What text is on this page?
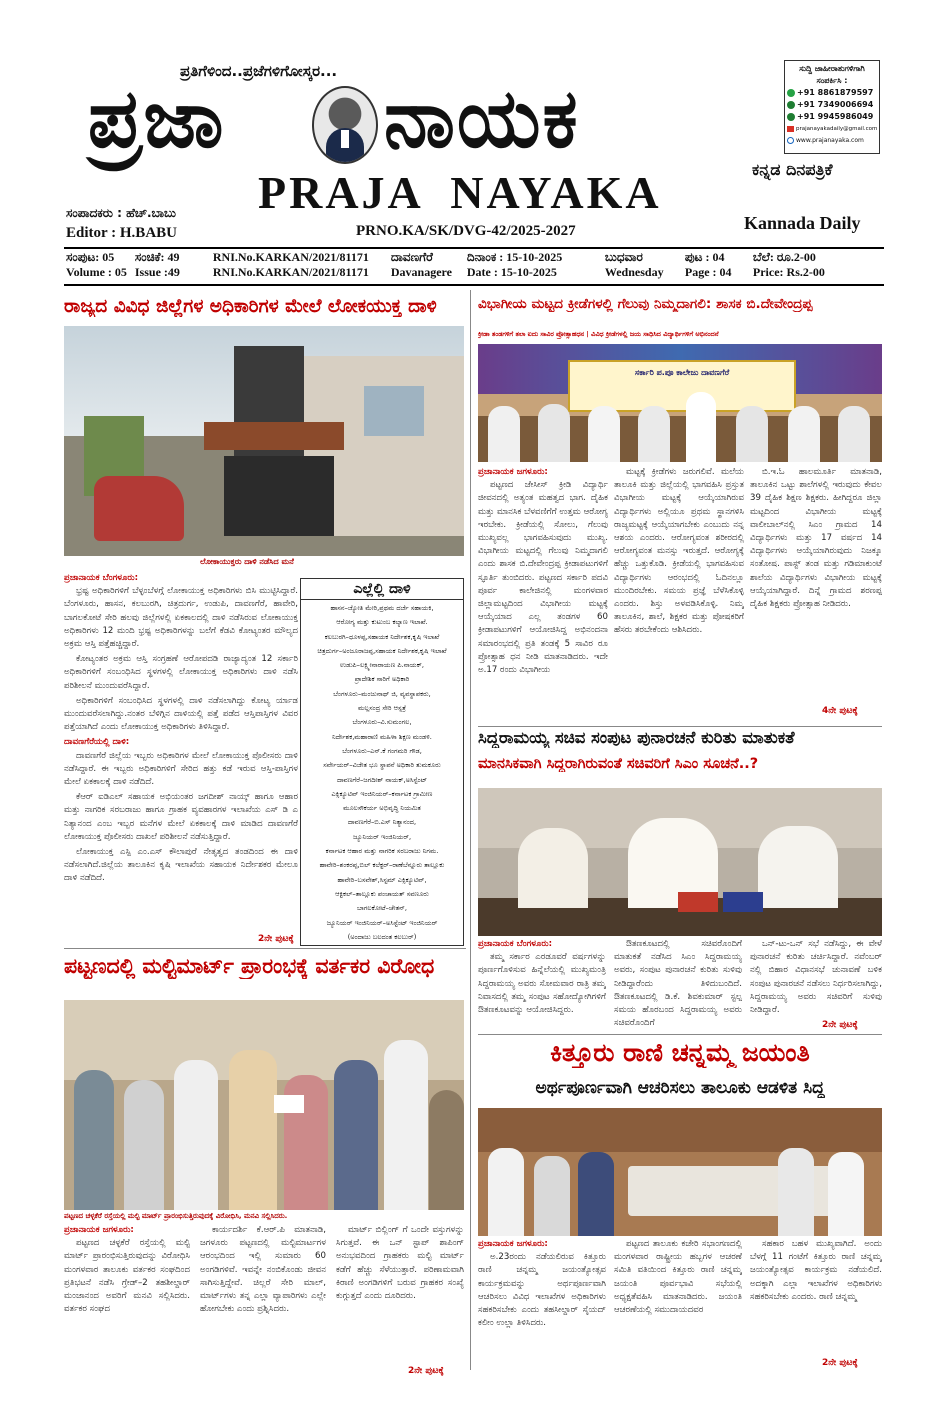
ಪ್ರತಿಗೆಳಿಂದ..ಪ್ರಜೆಗಳಿಗೋಸ್ಕರ...
ಪ್ರಜಾ ನಾಯಕ
PRAJA  NAYAKA	ಕನ್ನಡ ದಿನಪತ್ರಿಕೆ
Kannada Daily
ಸಂಪಾದಕರು : ಹೆಚ್.ಬಾಬು
Editor : H.BABU	PRNO.KA/SK/DVG-42/2025-2027
ಸುದ್ದಿ ಜಾಹೀರಾತುಗಳಿಗಾಗಿ
ಸಂಪರ್ಕಿಸಿ :
+91 8861879597
+91 7349006694
+91 9945986049
prajanayakadaily@gmail.com
www.prajanayaka.com
ಸಂಪುಟ: 05	ಸಂಚಿಕೆ: 49	RNI.No.KARKAN/2021/81171	ದಾವಣಗೆರೆ	ದಿನಾಂಕ : 15-10-2025	ಬುಧವಾರ	ಪುಟ : 04	ಬೆಲೆ: ರೂ.2-00
Volume : 05	Issue :49	RNI.No.KARKAN/2021/81171	Davanagere	Date : 15-10-2025	Wednesday	Page : 04	Price: Rs.2-00
ರಾಜ್ಯದ ವಿವಿಧ ಜಿಲ್ಲೆಗಳ ಅಧಿಕಾರಿಗಳ ಮೇಲೆ ಲೋಕಯುಕ್ತ ದಾಳಿ
ಲೋಕಾಯುಕ್ತರು ದಾಳಿ ನಡೆಸಿದ ಮನೆ
ಪ್ರಜಾನಾಯಕ ಬೆಂಗಳೂರು:

ಭ್ರಷ್ಟ ಅಧಿಕಾರಿಗಳಿಗೆ ಬೆಳ್ಳಂಬೆಳಗ್ಗೆ ಲೋಕಾಯುಕ್ತ ಅಧಿಕಾರಿಗಳು ಬಿಸಿ ಮುಟ್ಟಿಸಿದ್ದಾರೆ. ಬೆಂಗಳೂರು, ಹಾಸನ, ಕಲಬುರಗಿ, ಚಿತ್ರದುರ್ಗ, ಉಡುಪಿ, ದಾವಣಗೆರೆ, ಹಾವೇರಿ, ಬಾಗಲಕೋಟೆ ಸೇರಿ ಹಲವು ಜಿಲ್ಲೆಗಳಲ್ಲಿ ಏಕಕಾಲದಲ್ಲಿ ದಾಳಿ ನಡೆಸಿರುವ ಲೋಕಾಯುಕ್ತ ಅಧಿಕಾರಿಗಳು 12 ಮಂದಿ ಭ್ರಷ್ಟ ಅಧಿಕಾರಿಗಳನ್ನು ಬಲೆಗೆ ಕೆಡವಿ ಕೋಟ್ಯಂತರ ಮೌಲ್ಯದ ಅಕ್ರಮ ಆಸ್ತಿ ಪತ್ತೆಹಚ್ಚಿದ್ದಾರೆ.

ಕೋಟ್ಯಂತರ ಅಕ್ರಮ ಆಸ್ತಿ ಸಂಗ್ರಹಣೆ ಆರೋಪದಡಿ ರಾಜ್ಯಾದ್ಯಂತ 12 ಸರ್ಕಾರಿ ಅಧಿಕಾರಿಗಳಿಗೆ ಸಂಬಂಧಿಸಿದ ಸ್ಥಳಗಳಲ್ಲಿ ಲೋಕಾಯುಕ್ತ ಅಧಿಕಾರಿಗಳು ದಾಳಿ ನಡೆಸಿ ಪರಿಶೀಲನೆ ಮುಂದುವರೆಸಿದ್ದಾರೆ.

ಅಧಿಕಾರಿಗಳಿಗೆ ಸಂಬಂಧಿಸಿದ ಸ್ಥಳಗಳಲ್ಲಿ ದಾಳಿ ನಡೆಸಲಾಗಿದ್ದು ಕೋಟ್ಯ ರ್ಯಾಡ ಮುಂದುವರೆಸಲಾಗಿದ್ದು.ನಂತರ ಬೆಳಿಗ್ಗಿನ ದಾಳಿಯಲ್ಲಿ ಪತ್ತೆ ಪಡೆದ ಆಸ್ತಿಪಾಸ್ತಿಗಳ ವಿವರ ಪತ್ತೆಯಾಗಿದೆ ಎಂದು ಲೋಕಾಯುಕ್ತ ಅಧಿಕಾರಿಗಳು ತಿಳಿಸಿದ್ದಾರೆ.

ದಾವಣಗೆರೆಯಲ್ಲಿ ದಾಳಿ:

ದಾವಣಗೆರೆ ಜಿಲ್ಲೆಯ ಇಬ್ಬರು ಅಧಿಕಾರಿಗಳ ಮೇಲೆ ಲೋಕಾಯುಕ್ತ ಪೊಲೀಸರು ದಾಳಿ ನಡೆಸಿದ್ದಾರೆ. ಈ ಇಬ್ಬರು ಅಧಿಕಾರಿಗಳಿಗೆ ಸೇರಿದ ಹತ್ತು ಕಡೆ ಇರುವ ಆಸ್ತಿ-ಪಾಸ್ತಿಗಳ ಮೇಲೆ ಏಕಕಾಲಕ್ಕೆ ದಾಳಿ ನಡೆದಿದೆ.

ಕೆಆರ್ ಐಡಿಎಲ್ ಸಹಾಯಕ ಅಭಿಯಂತರ ಜಗದೀಶ್ ನಾಯ್ಕ್ ಹಾಗೂ ಆಹಾರ ಮತ್ತು ನಾಗರಿಕ ಸರಬರಾಜು ಹಾಗೂ ಗ್ರಾಹಕ ವ್ಯವಹಾರಗಳ ಇಲಾಖೆಯ ಎಸ್ ಡಿ ಎ ನಿತ್ಯಾನಂದ ಎಂಬ ಇಬ್ಬರ ಮನೆಗಳ ಮೇಲೆ ಏಕಕಾಲಕ್ಕೆ ದಾಳಿ ಮಾಡಿದ ದಾವಣಗೆರೆ ಲೋಕಾಯುಕ್ತ ಪೊಲೀಸರು ದಾಖಲೆ ಪರಿಶೀಲನೆ ನಡೆಸುತ್ತಿದ್ದಾರೆ.

ಲೋಕಾಯುಕ್ತ ಎಸ್ಪಿ ಎಂ.ಎಸ್ ಕೌಲಾಪುರೆ ನೇತೃತ್ವದ ತಂಡದಿಂದ ಈ ದಾಳಿ ನಡೆಸಲಾಗಿದೆ.ಜಿಲ್ಲೆಯ ತಾಲೂಕಿನ ಕೃಷಿ ಇಲಾಖೆಯ ಸಹಾಯಕ ನಿರ್ದೇಶಕರ ಮೇಲೂ ದಾಳಿ ನಡೆದಿದೆ.

2ನೇ ಪುಟಕ್ಕೆ
ಎಲ್ಲೆಲ್ಲಿ ದಾಳಿ
ಹಾಸನ–ಜ್ಯೋತಿ ಮೇರಿ,ಪ್ರಥಮ ದರ್ಜೆ ಸಹಾಯಕಿ,
ಆರೋಗ್ಯ ಮತ್ತು ಕುಟುಂಬ ಕಲ್ಯಾಣ ಇಲಾಖೆ.
ಕಲಬುರಗಿ–ಧೂಳಪ್ಪ,ಸಹಾಯಕ ನಿರ್ದೇಶಕ,ಕೃಷಿ ಇಲಾಖೆ
ಚಿತ್ರದುರ್ಗ–ಅಂಜೂರಾಜಪ್ಪ,ಸಹಾಯಕ ನಿರ್ದೇಶಕ,ಕೃಷಿ ಇಲಾಖೆ
ಉಡುಪಿ–ಲಕ್ಷ್ಮೀನಾರಾಯಣ ಪಿ.ನಾಯಕ್,
ಪ್ರಾದೇಶಿಕ ಸಾರಿಗೆ ಅಧಿಕಾರಿ
ಬೆಂಗಳೂರು–ಮಂಜುನಾಥ್ ಜಿ, ವ್ಯವಸ್ಥಾಪಕರು,
ಮಲ್ಲಸಂದ್ರ ಸೇರಿ ಆಸ್ಪತ್ರೆ
ಬೆಂಗಳೂರು–ವಿ.ಸುಮಂಗಲ,
ನಿರ್ದೇಶಕ,ಮಹಾರಾಣಿ ಮಹಿಳಾ ಶಿಕ್ಷಣ ಮಂಡಳಿ.
ಬೆಂಗಳೂರು–ಎನ್.ಕೆ ಗಂಗಮರಿ ಗೌಡ,
ಸರ್ವೇಯರ್–ವಿಜೇತ ಭೂ ಸ್ಥಾಪನೆ ಅಧಿಕಾರಿ ತುಮಕೂರು
ದಾವಣಗೆರೆ–ಜಗದೀಶ್ ನಾಯಕ್,ಅಸಿಸ್ಟೆಂಟ್
ಎಕ್ಸಿಕ್ಯೂಟಿವ್ ಇಂಜಿನಿಯರ್–ಕರ್ನಾಟಕ ಗ್ರಾಮೀಣ
ಮೂಲಸೌಕರ್ಯ ಅಭಿವೃದ್ಧಿ ನಿಯಮಿತ
ದಾವಣಗೆರೆ–ಬಿ.ಎಸ್ ನಿತ್ಯಾನಂದ,
ಜ್ಯೂನಿಯರ್ ಇಂಜಿನಿಯರ್,
ಕರ್ನಾಟಕ ಆಹಾರ ಮತ್ತು ನಾಗರಿಕ ಸರಬರಾಜು ನಿಗಮ.
ಹಾವೇರಿ–ಶಂಕರಪ್ಪ,ಬಿಲ್ ಕಲೆಕ್ಟರ್–ರಾಣೆಬೆನ್ನೂರು ತಾಲ್ಲೂಕು
ಹಾವೇರಿ–ಬಸವೇಶ್,ಸಿಸ್ಟಮ್ ಎಕ್ಸಿಕ್ಯೂಟಿವ್,
ಆಕ್ಟಿಕಲ್–ತಾಲ್ಲೂಕು ಪಂಚಾಯತ್ ಸವಣೂರು
ಬಾಗಲಕೋಟೆ–ಚೇತನ್,
ಜ್ಯೂನಿಯರ್ ಇಂಜಿನಿಯರ್–ಅಸಿಸ್ಟೆಂಟ್ ಇಂಜಿನಿಯರ್
(ಅಂದಾಜು ಬಲದಂತ ಕಲಬುರ್)
ಪಟ್ಟಣದಲ್ಲಿ ಮಲ್ಟಿಮಾರ್ಟ್ ಪ್ರಾರಂಭಕ್ಕೆ ವರ್ತಕರ ವಿರೋಧ
ಪಟ್ಟಣದ ಚಳ್ಳಕೆರೆ ರಸ್ತೆಯಲ್ಲಿ ಮಲ್ಟಿ ಮಾರ್ಟ್ ಪ್ರಾರಂಭಿಸುತ್ತಿರುವುದಕ್ಕೆ ವಿರೋಧಿಸಿ, ಮನವಿ ಸಲ್ಲಿಸಿದರು.
ಪ್ರಜಾನಾಯಕ ಜಗಳೂರು:

ಪಟ್ಟಣದ ಚಳ್ಳಕೆರೆ ರಸ್ತೆಯಲ್ಲಿ ಮಲ್ಟಿ ಮಾರ್ಟ್ ಪ್ರಾರಂಭಿಸುತ್ತಿರುವುದನ್ನು ವಿರೋಧಿಸಿ ಮಂಗಳವಾರ ತಾಲೂಕು ವರ್ತಕರ ಸಂಘದಿಂದ ಪ್ರತಿಭಟನೆ ನಡೆಸಿ ಗ್ರೇಡ್–2 ತಹಶೀಲ್ದಾರ್ ಮಂಜಾನಂದ ಅವರಿಗೆ ಮನವಿ ಸಲ್ಲಿಸಿದರು. ವರ್ತಕರ ಸಂಘದ

ಕಾರ್ಯದರ್ಶಿ ಕೆ.ಆರ್.ಪಿ ಮಾತನಾಡಿ, ಜಗಳೂರು ಪಟ್ಟಣದಲ್ಲಿ ಮಲ್ಟಿಮಾರ್ಟಗಳ ಆರಂಭದಿಂದ ಇಲ್ಲಿ ಸುಮಾರು 60 ಅಂಗಡಿಗಳಿವೆ. ಇವನ್ನೇ ನಂಬಿಕೊಂಡು ಜೀವನ ಸಾಗಿಸುತ್ತಿದ್ದೇವೆ. ಚಿಲ್ಲರೆ ಸೇರಿ ಮಾಲ್, ಮಾರ್ಟ್‌ಗಳು ತನ್ನ ಎಲ್ಲಾ ವ್ಯಾಪಾರಿಗಳು ಎಲ್ಲೇ ಹೋಗಬೇಕು ಎಂದು ಪ್ರಶ್ನಿಸಿದರು.

ಮಾರ್ಟ್ ಬಿಲ್ಲಿಂಗ್ ಗೆ ಒಂದೇ ವಸ್ತುಗಳನ್ನು ಸಿಗುತ್ತವೆ. ಈ ಒನ್ ಸ್ಟಾಪ್ ಶಾಪಿಂಗ್ ಅನುಭವದಿಂದ ಗ್ರಾಹಕರು ಮಲ್ಟಿ ಮಾರ್ಟ್ ಕಡೆಗೆ ಹೆಚ್ಚು ಸೆಳೆಯುತ್ತಾರೆ. ಪರಿಣಾಮವಾಗಿ ಕಿರಾಣಿ ಅಂಗಡಿಗಳಿಗೆ ಬರುವ ಗ್ರಾಹಕರ ಸಂಖ್ಯೆ ಕುಗ್ಗುತ್ತದೆ ಎಂದು ದೂರಿದರು.

2ನೇ ಪುಟಕ್ಕೆ
ವಿಭಾಗೀಯ ಮಟ್ಟದ ಕ್ರೀಡೆಗಳಲ್ಲಿ ಗೆಲುವು ನಿಮ್ಮದಾಗಲಿ: ಶಾಸಕ ಬಿ.ದೇವೇಂದ್ರಪ್ಪ
ಕ್ರೀಡಾ ತಂಡಗಳಿಗೆ ತಲಾ ಐದು ಸಾವಿರ ಪ್ರೋತ್ಸಾಹಧನ | ವಿವಿಧ ಕ್ರೀಡೆಗಳಲ್ಲಿ ಜಯ ಸಾಧಿಸಿದ ವಿದ್ಯಾರ್ಥಿಗಳಿಗೆ ಅಭಿನಂದನೆ
ಸರ್ಕಾರಿ ಪ.ಪೂ ಕಾಲೇಜು ದಾವಣಗೆರೆ
ಪ್ರಜಾನಾಯಕ ಜಗಳೂರು:

ಪಟ್ಟಣದ ಜೇಸೀಸ್ ಕ್ರೀಡಿ ವಿದ್ಯಾರ್ಥಿ ಜೀವನದಲ್ಲಿ ಅತ್ಯಂತ ಮಹತ್ವದ ಭಾಗ. ದೈಹಿಕ ಮತ್ತು ಮಾನಸಿಕ ಬೆಳವಣಿಗೆಗೆ ಉತ್ತಮ ಆರೋಗ್ಯ ಇರಬೇಕು. ಕ್ರೀಡೆಯಲ್ಲಿ ಸೋಲು, ಗೆಲುವು ಮುಖ್ಯವಲ್ಲ ಭಾಗವಹಿಸುವುದು ಮುಖ್ಯ. ವಿಭಾಗೀಯ ಮಟ್ಟದಲ್ಲಿ ಗೆಲುವು ನಿಮ್ಮದಾಗಲಿ ಎಂದು ಶಾಸಕ ಬಿ.ದೇವೇಂದ್ರಪ್ಪ ಕ್ರೀಡಾಪಟುಗಳಿಗೆ ಸ್ಫೂರ್ತಿ ತುಂಬಿದರು. ಪಟ್ಟಣದ ಸರ್ಕಾರಿ ಪದವಿ ಪೂರ್ವ ಕಾಲೇಜಿನಲ್ಲಿ ಮಂಗಳವಾರ ಜಿಲ್ಲಾಮಟ್ಟದಿಂದ ವಿಭಾಗೀಯ ಮಟ್ಟಕ್ಕೆ ಆಯ್ಕೆಯಾದ ಎಲ್ಲ ತಂಡಗಳ 60 ಕ್ರೀಡಾಪಟುಗಳಿಗೆ ಆಯೋಜಿಸಿದ್ದ ಅಭಿನಂದನಾ ಸಮಾರಂಭದಲ್ಲಿ ಪ್ರತಿ ತಂಡಕ್ಕೆ 5 ಸಾವಿರ ರೂ ಪ್ರೋತ್ಸಾಹ ಧನ ನೀಡಿ ಮಾತನಾಡಿದರು. ಇದೇ ಅ.17 ರಂದು ವಿಭಾಗೀಯ

ಮಟ್ಟಕ್ಕೆ ಕ್ರೀಡೆಗಳು ಜರುಗಲಿವೆ. ಮಲೆಯ ತಾಲೂಕಿ ಮತ್ತು ಜಿಲ್ಲೆಯಲ್ಲಿ ಭಾಗವಹಿಸಿ ಪ್ರಸ್ತುತ ವಿಭಾಗೀಯ ಮಟ್ಟಕ್ಕೆ ಆಯ್ಕೆಯಾಗಿರುವ ವಿದ್ಯಾರ್ಥಿಗಳು ಅಲ್ಲಿಯೂ ಪ್ರಥಮ ಸ್ಥಾನಗಳಿಸಿ ರಾಜ್ಯಮಟ್ಟಕ್ಕೆ ಆಯ್ಕೆಯಾಗಬೇಕು ಎಂಬುದು ನನ್ನ ಆಶಯ ಎಂದರು. ಆರೋಗ್ಯವಂತ ಶರೀರದಲ್ಲಿ ಆರೋಗ್ಯವಂತ ಮನಸ್ಸು ಇರುತ್ತದೆ. ಆರೋಗ್ಯಕ್ಕೆ ಹೆಚ್ಚು ಒತ್ತುಕೊಡಿ. ಕ್ರೀಡೆಯಲ್ಲಿ ಭಾಗವಹಿಸುವ ವಿದ್ಯಾರ್ಥಿಗಳು ಆರಂಭದಲ್ಲಿ ಓದಿನಲ್ಲೂ ಮುಂದಿರಬೇಕು. ಸಮಯ ಪ್ರಜ್ಞೆ ಬೆಳೆಸಿಕೊಳ್ಳಿ ಎಂದರು. ಶಿಸ್ತು ಅಳವಡಿಸಿಕೊಳ್ಳಿ. ನಿಮ್ಮ ತಾಲೂಕಿನ, ಶಾಲೆ, ಶಿಕ್ಷಕರ ಮತ್ತು ಪೋಷಕರಿಗೆ ಹೆಸರು ತರಬೇಕೆಂದು ಆಶಿಸಿದರು.

ಬಿ.ಇ.ಓ ಹಾಲಮೂರ್ತಿ ಮಾತನಾಡಿ, ತಾಲೂಕಿನ ಒಟ್ಟು ಶಾಲೆಗಳಲ್ಲಿ ಇರುವುದು ಕೇವಲ 39 ದೈಹಿಕ ಶಿಕ್ಷಣ ಶಿಕ್ಷಕರು. ಹೀಗಿದ್ದರೂ ಜಿಲ್ಲಾ ಮಟ್ಟದಿಂದ ವಿಭಾಗೀಯ ಮಟ್ಟಕ್ಕೆ ವಾಲೀಬಾಲ್‌ನಲ್ಲಿ ಸಿಎಂ ಗ್ರಾಮದ 14 ವಿದ್ಯಾರ್ಥಿಗಳು ಮತ್ತು 17 ವರ್ಷದ 14 ವಿದ್ಯಾರ್ಥಿಗಳು ಆಯ್ಕೆಯಾಗಿರುವುದು ನಿಜಕ್ಕೂ ಸಂತೋಷ. ಪಾಸ್ಟ್‌ ತಂಡ ಮತ್ತು ಗಡಿಮಾಕುಂಟೆ ಶಾಲೆಯ ವಿದ್ಯಾರ್ಥಿಗಳು ವಿಭಾಗೀಯ ಮಟ್ಟಕ್ಕೆ ಆಯ್ಕೆಯಾಗಿದ್ದಾರೆ. ದಿನ್ನೆ ಗ್ರಾಮದ ಶರಣಪ್ಪ ದೈಹಿಕ ಶಿಕ್ಷಕರು ಪ್ರೋತ್ಸಾಹ ನೀಡಿದರು.

4ನೇ ಪುಟಕ್ಕೆ
ಸಿದ್ದರಾಮಯ್ಯ ಸಚಿವ ಸಂಪುಟ ಪುನಾರಚನೆ ಕುರಿತು ಮಾತುಕತೆ
ಮಾನಸಿಕವಾಗಿ ಸಿದ್ಧರಾಗಿರುವಂತೆ ಸಚಿವರಿಗೆ ಸಿಎಂ ಸೂಚನೆ..?
ಪ್ರಜಾನಾಯಕ ಬೆಂಗಳೂರು:

ತಮ್ಮ ಸರ್ಕಾರ ಎರಡೂವರೆ ವರ್ಷಗಳನ್ನು ಪೂರ್ಣಗೊಳಿಸುವ ಹಿನ್ನೆಲೆಯಲ್ಲಿ ಮುಖ್ಯಮಂತ್ರಿ ಸಿದ್ದರಾಮಯ್ಯ ಅವರು ಸೋಮವಾರ ರಾತ್ರಿ ತಮ್ಮ ನಿವಾಸದಲ್ಲಿ ತಮ್ಮ ಸಂಪುಟ ಸಹೋದ್ಯೋಗಿಗಳಿಗೆ ಔತಣಕೂಟವನ್ನು ಆಯೋಜಿಸಿದ್ದರು.

ಔತಣಕೂಟದಲ್ಲಿ ಸಚಿವರೊಂದಿಗೆ ಮಾತುಕತೆ ನಡೆಸಿದ ಸಿಎಂ ಸಿದ್ದರಾಮಯ್ಯ ಅವರು, ಸಂಪುಟ ಪುನಾರಚನೆ ಕುರಿತು ಸುಳಿವು ನೀಡಿದ್ದಾರೆಂದು ತಿಳಿದುಬಂದಿದೆ. ಔತಣಕೂಟದಲ್ಲಿ ಡಿ.ಕೆ. ಶಿವಕುಮಾರ್ ಸ್ಟಲ್ಪ ಸಮಯ ಹೊರಬಂದ ಸಿದ್ದರಾಮಯ್ಯ ಅವರು ಸಚಿವರೊಂದಿಗೆ

ಒನ್-ಟು-ಒನ್ ಸಭೆ ನಡೆಸಿದ್ದು, ಈ ವೇಳೆ ಪುನಾರಚನೆ ಕುರಿತು ಚರ್ಚಿಸಿದ್ದಾರೆ. ನವೆಂಬರ್ ನಲ್ಲಿ ಬಿಹಾರ ವಿಧಾನಸಭೆ ಚುನಾವಣೆ ಬಳಿಕ ಸಂಪುಟ ಪುನಾರಚನೆ ನಡೆಸಲು ನಿರ್ಧರಿಸಲಾಗಿದ್ದು, ಸಿದ್ದರಾಮಯ್ಯ ಅವರು ಸಚಿವರಿಗೆ ಸುಳಿವು ನೀಡಿದ್ದಾರೆ.

2ನೇ ಪುಟಕ್ಕೆ
ಕಿತ್ತೂರು ರಾಣಿ ಚನ್ನಮ್ಮ ಜಯಂತಿ
ಅರ್ಥಪೂರ್ಣವಾಗಿ ಆಚರಿಸಲು ತಾಲೂಕು ಆಡಳಿತ ಸಿದ್ಧ
ಪ್ರಜಾನಾಯಕ ಜಗಳೂರು:

ಅ.23ರಂದು ನಡೆಯಲಿರುವ ಕಿತ್ತೂರು ರಾಣಿ ಚನ್ನಮ್ಮ ಜಯಂತ್ಯೋತ್ಸವ ಕಾರ್ಯಕ್ರಮವನ್ನು ಅರ್ಥಪೂರ್ಣವಾಗಿ ಆಚರಿಸಲು ವಿವಿಧ ಇಲಾಖೆಗಳ ಅಧಿಕಾರಿಗಳು ಸಹಕರಿಸಬೇಕು ಎಂದು ತಹಸೀಲ್ದಾರ್ ಸೈಯದ್ ಕಲೀಂ ಉಲ್ಲಾ ತಿಳಿಸಿದರು.

ಪಟ್ಟಣದ ತಾಲೂಕು ಕಚೇರಿ ಸಭಾಂಗಣದಲ್ಲಿ ಮಂಗಳವಾರ ರಾಷ್ಟ್ರೀಯ ಹಬ್ಬಗಳ ಆಚರಣೆ ಸಮಿತಿ ವತಿಯಿಂದ ಕಿತ್ತೂರು ರಾಣಿ ಚನ್ನಮ್ಮ ಜಯಂತಿ ಪೂರ್ವಭಾವಿ ಸಭೆಯಲ್ಲಿ ಅಧ್ಯಕ್ಷತೆವಹಿಸಿ ಮಾತನಾಡಿದರು. ಜಯಂತಿ ಆಚರಣೆಯಲ್ಲಿ ಸಮುದಾಯದವರ

ಸಹಕಾರ ಬಹಳ ಮುಖ್ಯವಾಗಿದೆ. ಅಂದು ಬೆಳಗ್ಗೆ 11 ಗಂಟೆಗೆ ಕಿತ್ತೂರು ರಾಣಿ ಚನ್ನಮ್ಮ ಜಯಂತ್ಯೋತ್ಸವ ಕಾರ್ಯಕ್ರಮ ನಡೆಯಲಿದೆ. ಅದಕ್ಕಾಗಿ ಎಲ್ಲಾ ಇಲಾಖೆಗಳ ಅಧಿಕಾರಿಗಳು ಸಹಕರಿಸಬೇಕು ಎಂದರು. ರಾಣಿ ಚನ್ನಮ್ಮ

2ನೇ ಪುಟಕ್ಕೆ
